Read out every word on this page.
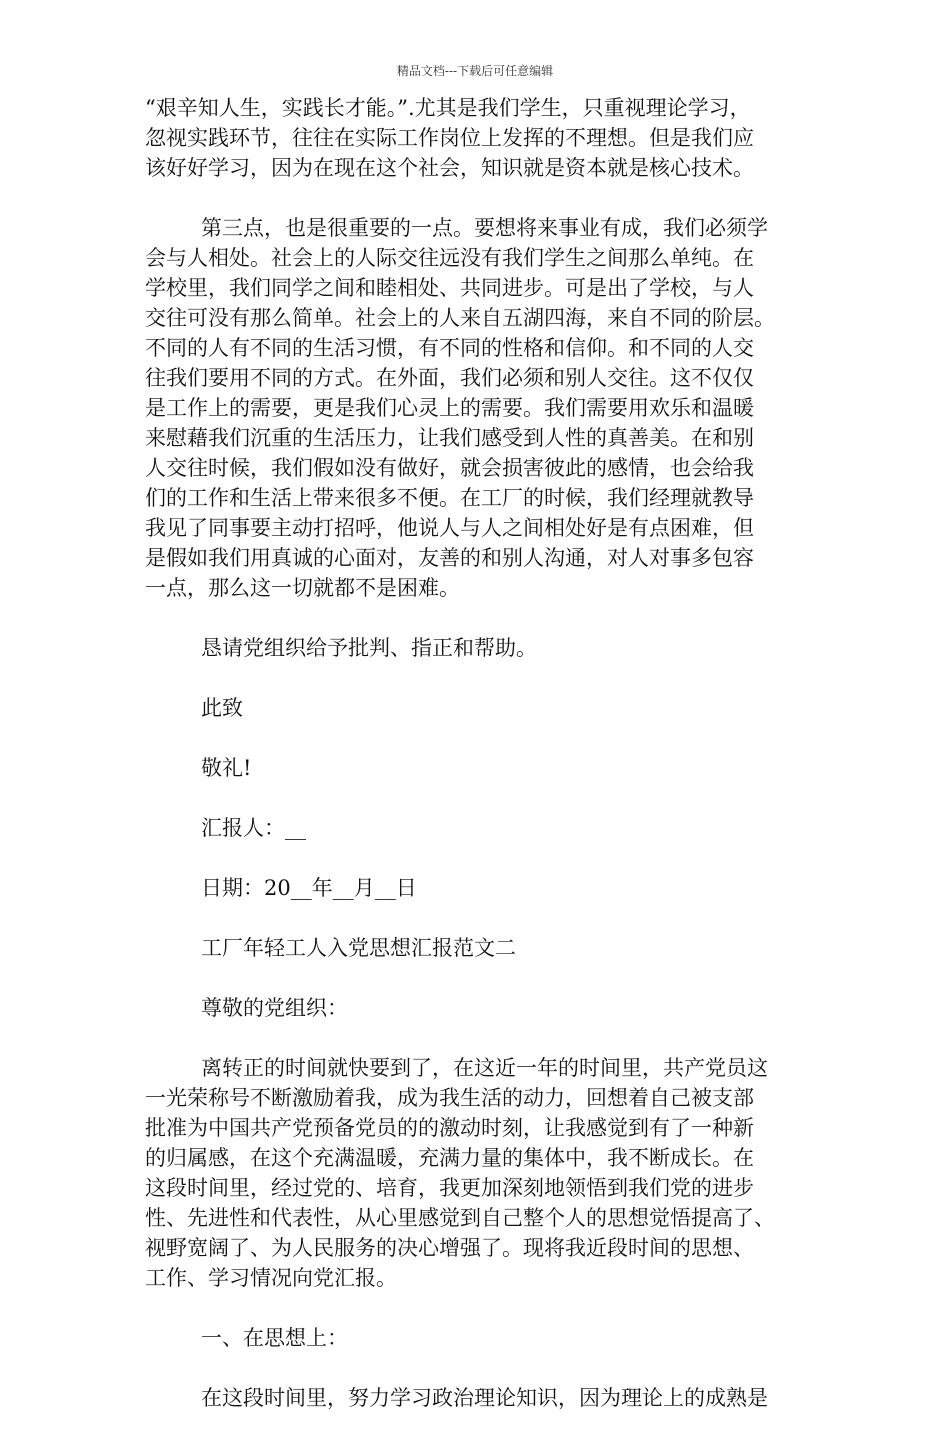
精品文档---下载后可任意编辑
“艰辛知人生，实践长才能。”.尤其是我们学生，只重视理论学习，
忽视实践环节，往往在实际工作岗位上发挥的不理想。但是我们应
该好好学习，因为在现在这个社会，知识就是资本就是核心技术。
第三点，也是很重要的一点。要想将来事业有成，我们必须学
会与人相处。社会上的人际交往远没有我们学生之间那么单纯。在
学校里，我们同学之间和睦相处、共同进步。可是出了学校，与人
交往可没有那么简单。社会上的人来自五湖四海，来自不同的阶层。
不同的人有不同的生活习惯，有不同的性格和信仰。和不同的人交
往我们要用不同的方式。在外面，我们必须和别人交往。这不仅仅
是工作上的需要，更是我们心灵上的需要。我们需要用欢乐和温暖
来慰藉我们沉重的生活压力，让我们感受到人性的真善美。在和别
人交往时候，我们假如没有做好，就会损害彼此的感情，也会给我
们的工作和生活上带来很多不便。在工厂的时候，我们经理就教导
我见了同事要主动打招呼，他说人与人之间相处好是有点困难，但
是假如我们用真诚的心面对，友善的和别人沟通，对人对事多包容
一点，那么这一切就都不是困难。
恳请党组织给予批判、指正和帮助。
此致
敬礼!
汇报人：__
日期：20__年__月__日
工厂年轻工人入党思想汇报范文二
尊敬的党组织：
离转正的时间就快要到了，在这近一年的时间里，共产党员这
一光荣称号不断激励着我，成为我生活的动力，回想着自己被支部
批准为中国共产党预备党员的的激动时刻，让我感觉到有了一种新
的归属感，在这个充满温暖，充满力量的集体中，我不断成长。在
这段时间里，经过党的、培育，我更加深刻地领悟到我们党的进步
性、先进性和代表性，从心里感觉到自己整个人的思想觉悟提高了、
视野宽阔了、为人民服务的决心增强了。现将我近段时间的思想、
工作、学习情况向党汇报。
一、在思想上：
在这段时间里，努力学习政治理论知识，因为理论上的成熟是
